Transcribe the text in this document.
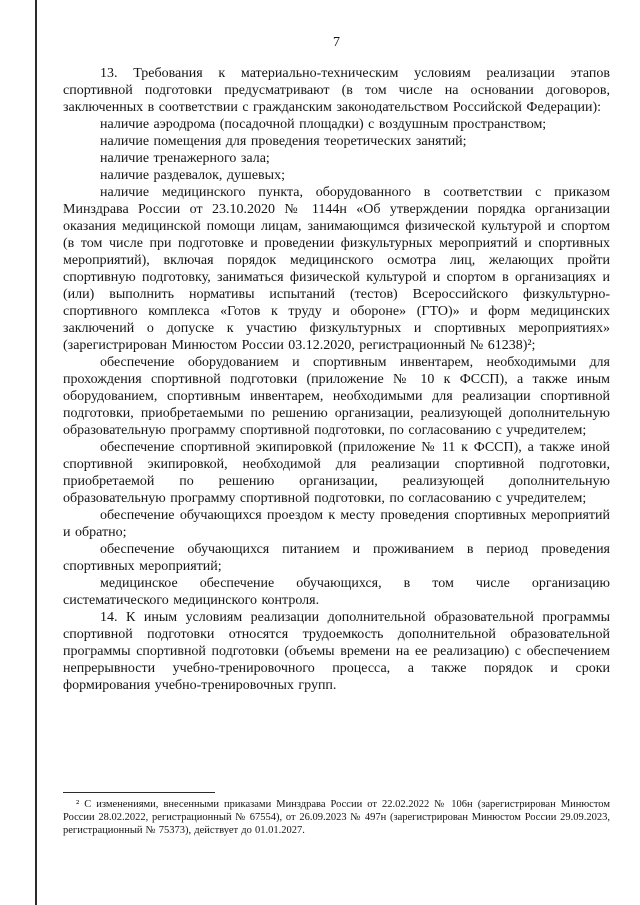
7

13. Требования к материально-техническим условиям реализации этапов спортивной подготовки предусматривают (в том числе на основании договоров, заключенных в соответствии с гражданским законодательством Российской Федерации):

наличие аэродрома (посадочной площадки) с воздушным пространством;

наличие помещения для проведения теоретических занятий;

наличие тренажерного зала;

наличие раздевалок, душевых;

наличие медицинского пункта, оборудованного в соответствии с приказом Минздрава России от 23.10.2020 № 1144н «Об утверждении порядка организации оказания медицинской помощи лицам, занимающимся физической культурой и спортом (в том числе при подготовке и проведении физкультурных мероприятий и спортивных мероприятий), включая порядок медицинского осмотра лиц, желающих пройти спортивную подготовку, заниматься физической культурой и спортом в организациях и (или) выполнить нормативы испытаний (тестов) Всероссийского физкультурно-спортивного комплекса «Готов к труду и обороне» (ГТО)» и форм медицинских заключений о допуске к участию физкультурных и спортивных мероприятиях» (зарегистрирован Минюстом России 03.12.2020, регистрационный № 61238)²;

обеспечение оборудованием и спортивным инвентарем, необходимыми для прохождения спортивной подготовки (приложение № 10 к ФССП), а также иным оборудованием, спортивным инвентарем, необходимыми для реализации спортивной подготовки, приобретаемыми по решению организации, реализующей дополнительную образовательную программу спортивной подготовки, по согласованию с учредителем;

обеспечение спортивной экипировкой (приложение № 11 к ФССП), а также иной спортивной экипировкой, необходимой для реализации спортивной подготовки, приобретаемой по решению организации, реализующей дополнительную образовательную программу спортивной подготовки, по согласованию с учредителем;

обеспечение обучающихся проездом к месту проведения спортивных мероприятий и обратно;

обеспечение обучающихся питанием и проживанием в период проведения спортивных мероприятий;

медицинское обеспечение обучающихся, в том числе организацию систематического медицинского контроля.

14. К иным условиям реализации дополнительной образовательной программы спортивной подготовки относятся трудоемкость дополнительной образовательной программы спортивной подготовки (объемы времени на ее реализацию) с обеспечением непрерывности учебно-тренировочного процесса, а также порядок и сроки формирования учебно-тренировочных групп.

² С изменениями, внесенными приказами Минздрава России от 22.02.2022 № 106н (зарегистрирован Минюстом России 28.02.2022, регистрационный № 67554), от 26.09.2023 № 497н (зарегистрирован Минюстом России 29.09.2023, регистрационный № 75373), действует до 01.01.2027.
